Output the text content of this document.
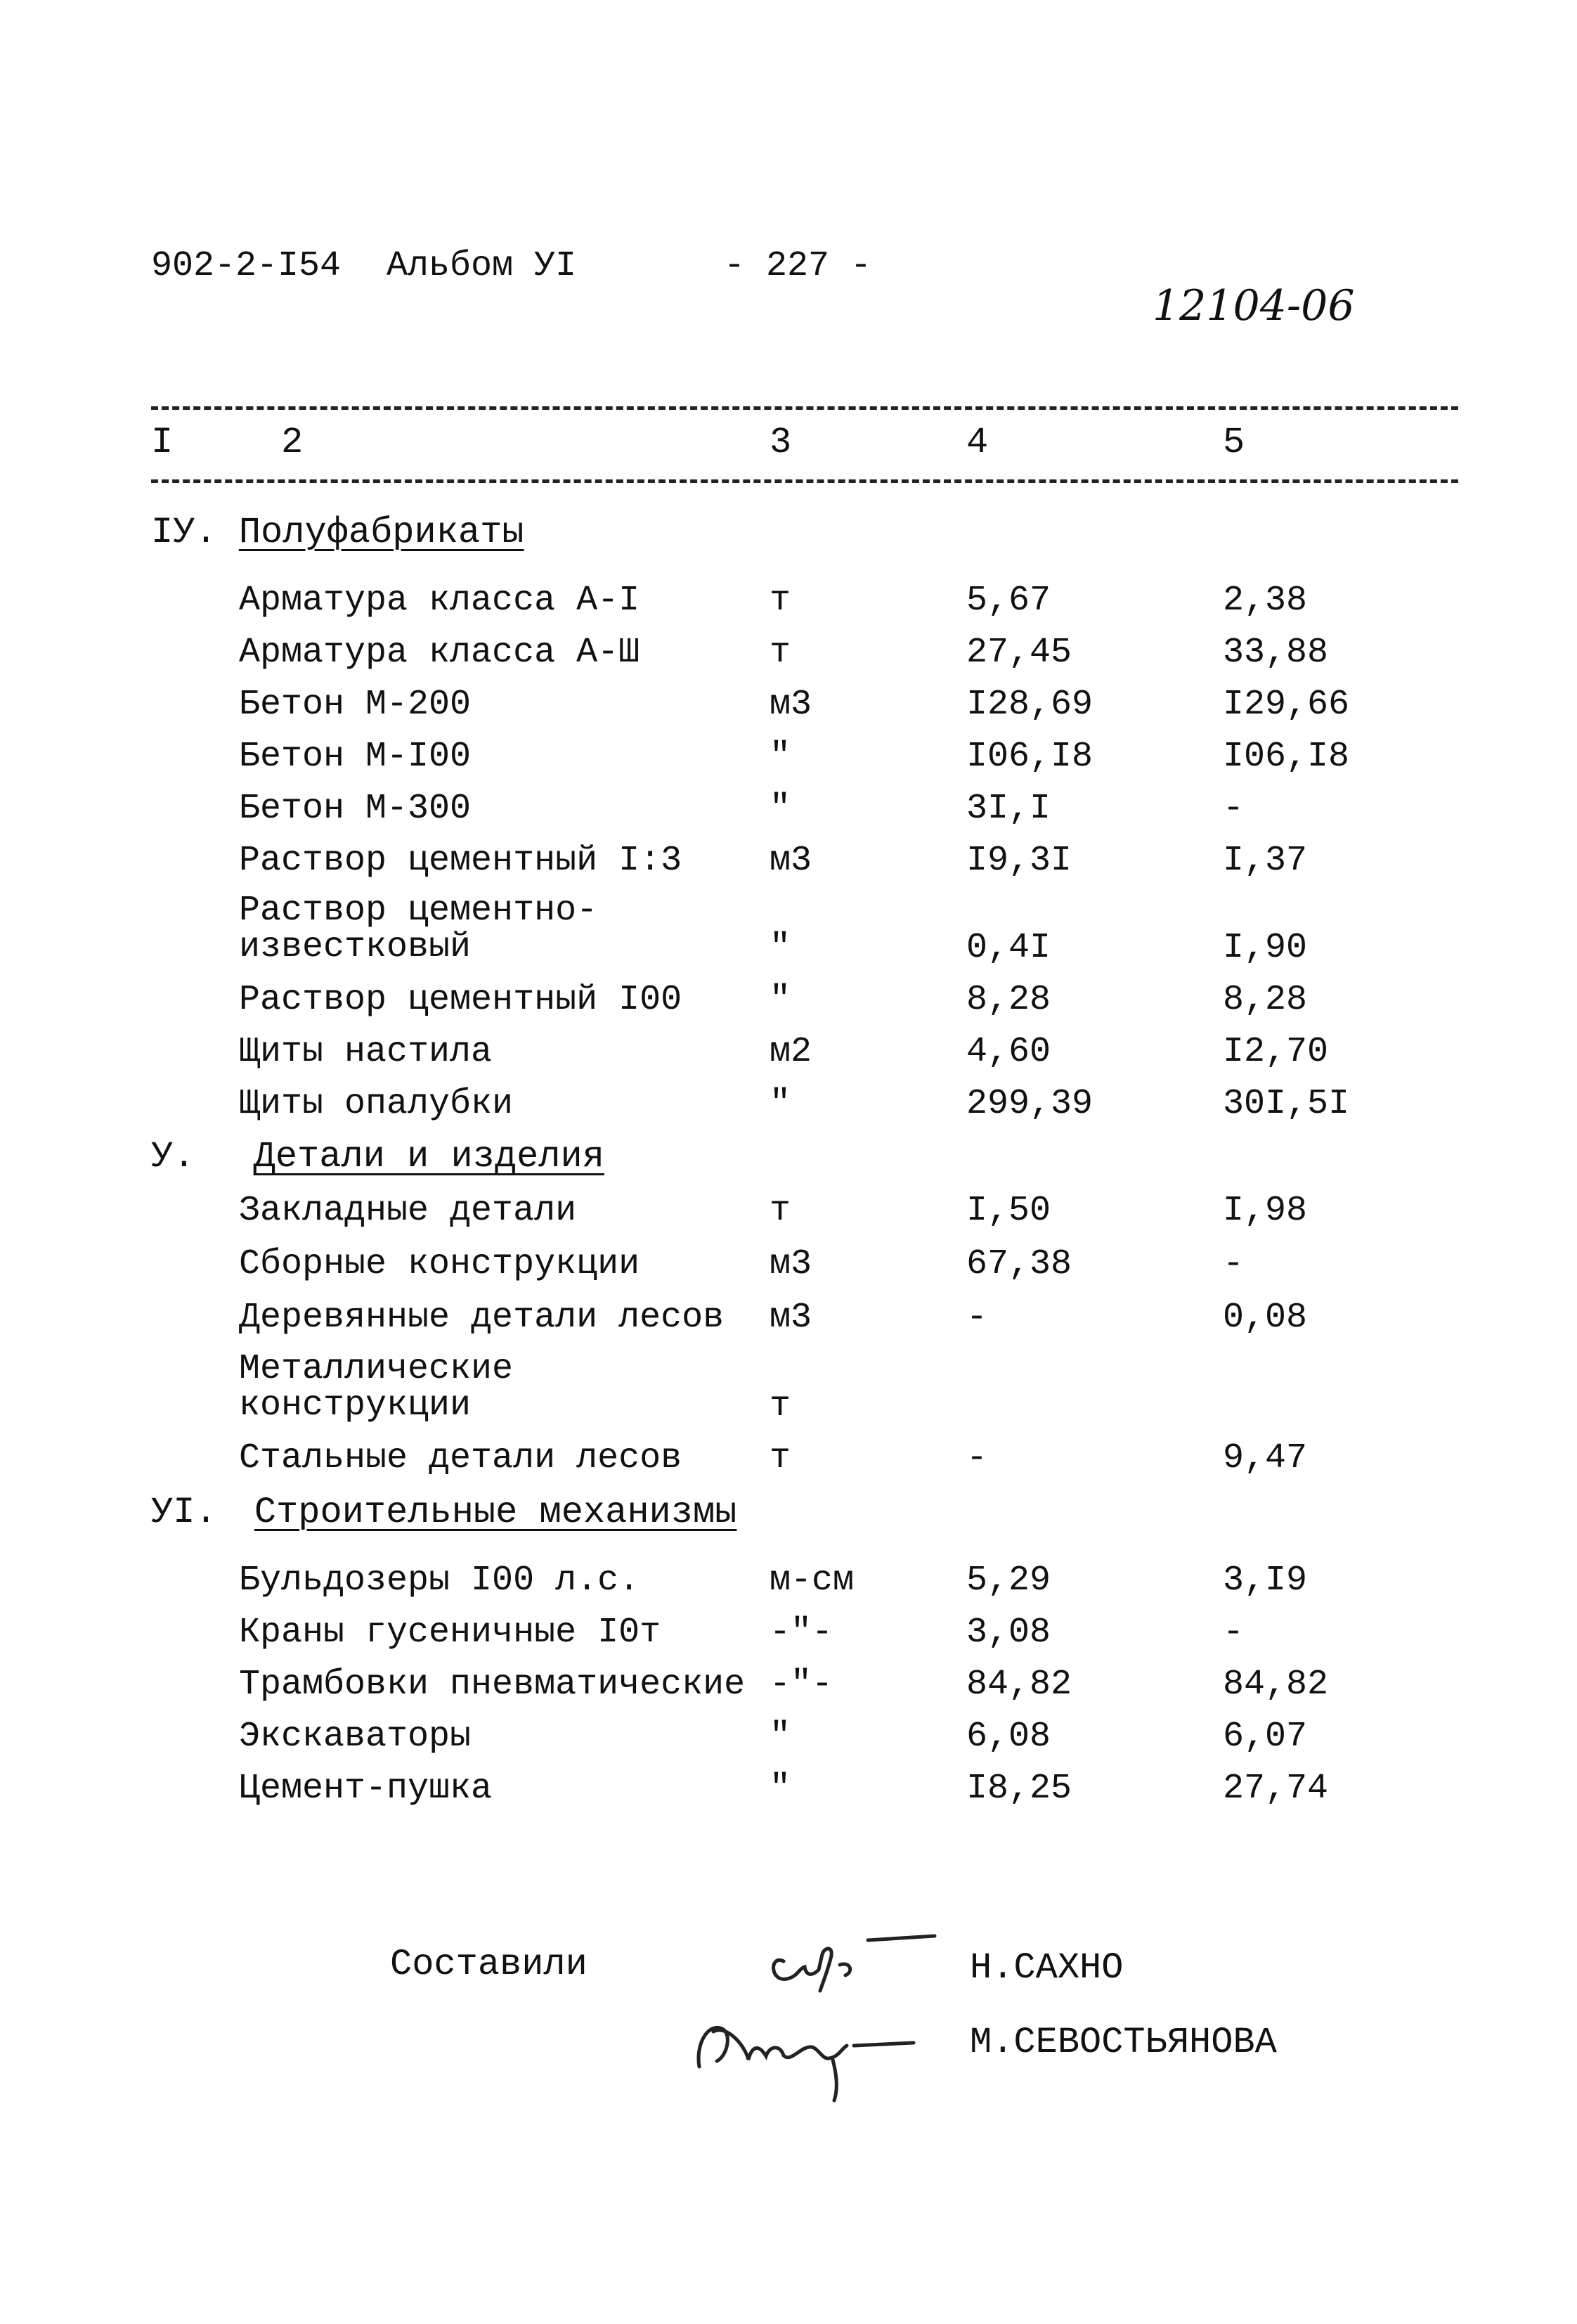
902-2-I54 Альбом УI	- 227 -
12104-06
I	2	3	4	5
IУ. Полуфабрикаты
Арматура класса А-I	т	5,67	2,38
Арматура класса А-Ш	т	27,45	33,88
Бетон М-200	м3	I28,69	I29,66
Бетон М-I00	"	I06,I8	I06,I8
Бетон М-300	"	3I,I	-
Раствор цементный I:3 м3	I9,3I	I,37
Раствор цементно-
известковый	"	0,4I	I,90
Раствор цементный I00 "	8,28	8,28
Щиты настила	м2	4,60	I2,70
Щиты опалубки	"	299,39	30I,5I
У. Детали и изделия
Закладные детали	т	I,50	I,98
Сборные конструкции	м3	67,38	-
Деревянные детали лесов м3	-	0,08
Металлические
конструкции	т
Стальные детали лесов т	-	9,47
УI. Строительные механизмы
Бульдозеры I00 л.с.	м-см	5,29	3,I9
Краны гусеничные I0т	-"-	3,08	-
Трамбовки пневматические -"-	84,82	84,82
Экскаваторы	"	6,08	6,07
Цемент-пушка	"	I8,25	27,74
Составили	Н.САХНО
М.СЕВОСТЬЯНОВА
